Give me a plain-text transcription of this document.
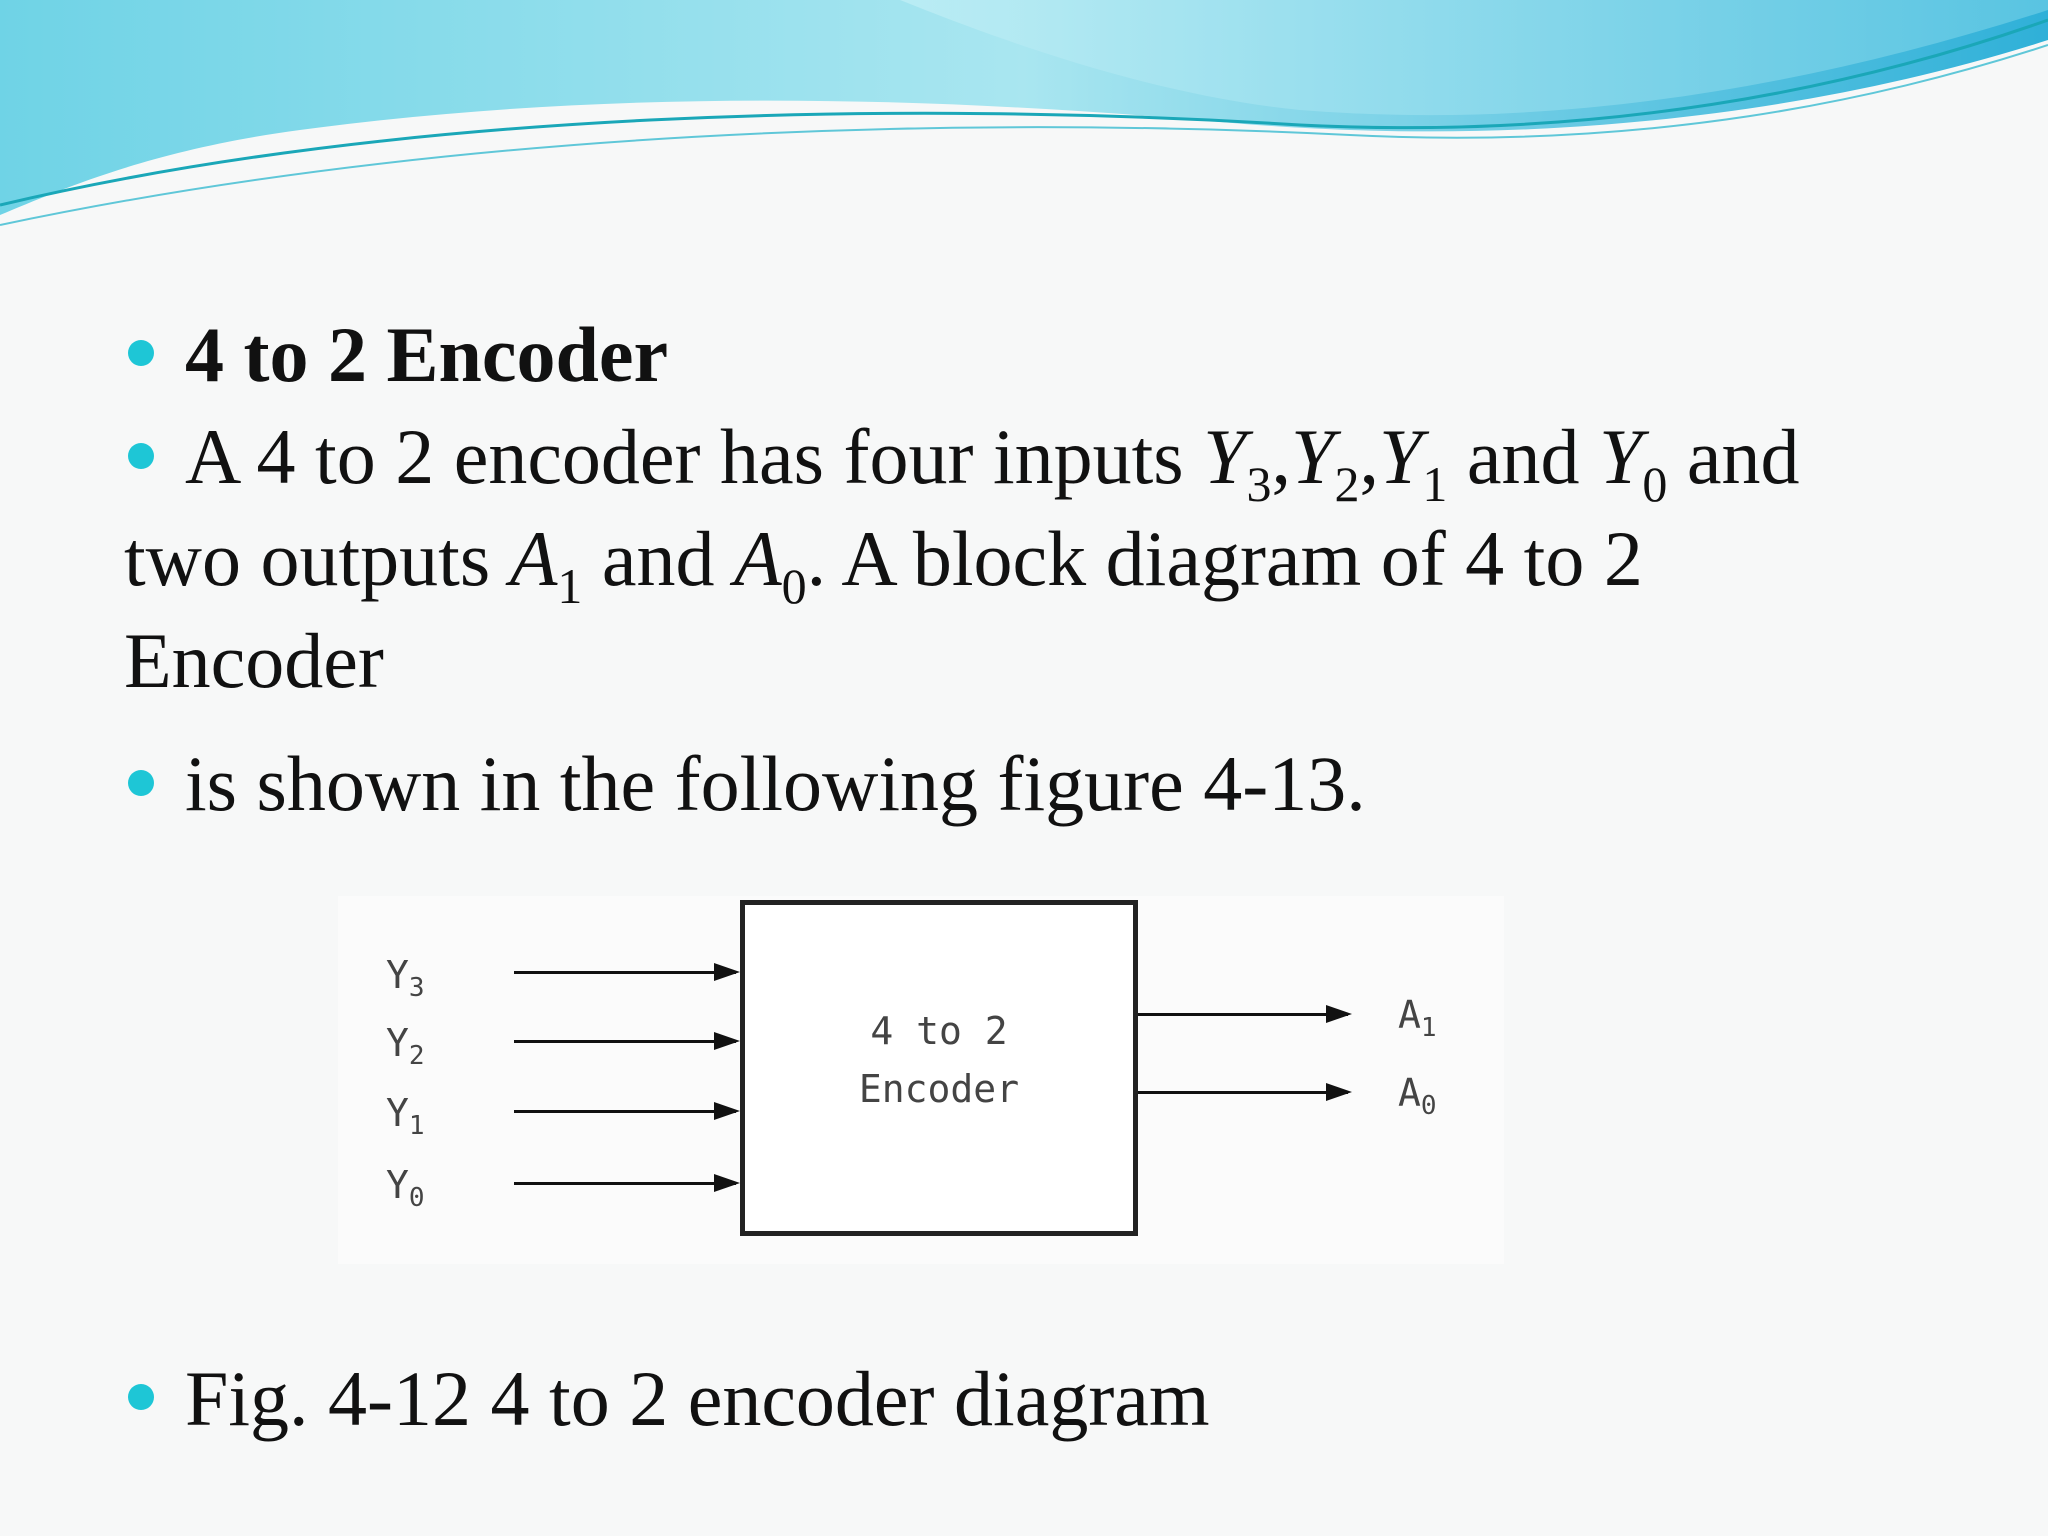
4 to 2 Encoder
A 4 to 2 encoder has four inputs $Y_3,Y_2,Y_1$ and $Y_0$ and
two outputs $A_1$ and $A_0$. A block diagram of 4 to 2
Encoder
is shown in the following figure 4-13.
$Y_3$
$Y_2$
$Y_1$
$Y_0$
4 to 2
Encoder
$A_1$
$A_0$
Fig. 4-12 4 to 2 encoder diagram
